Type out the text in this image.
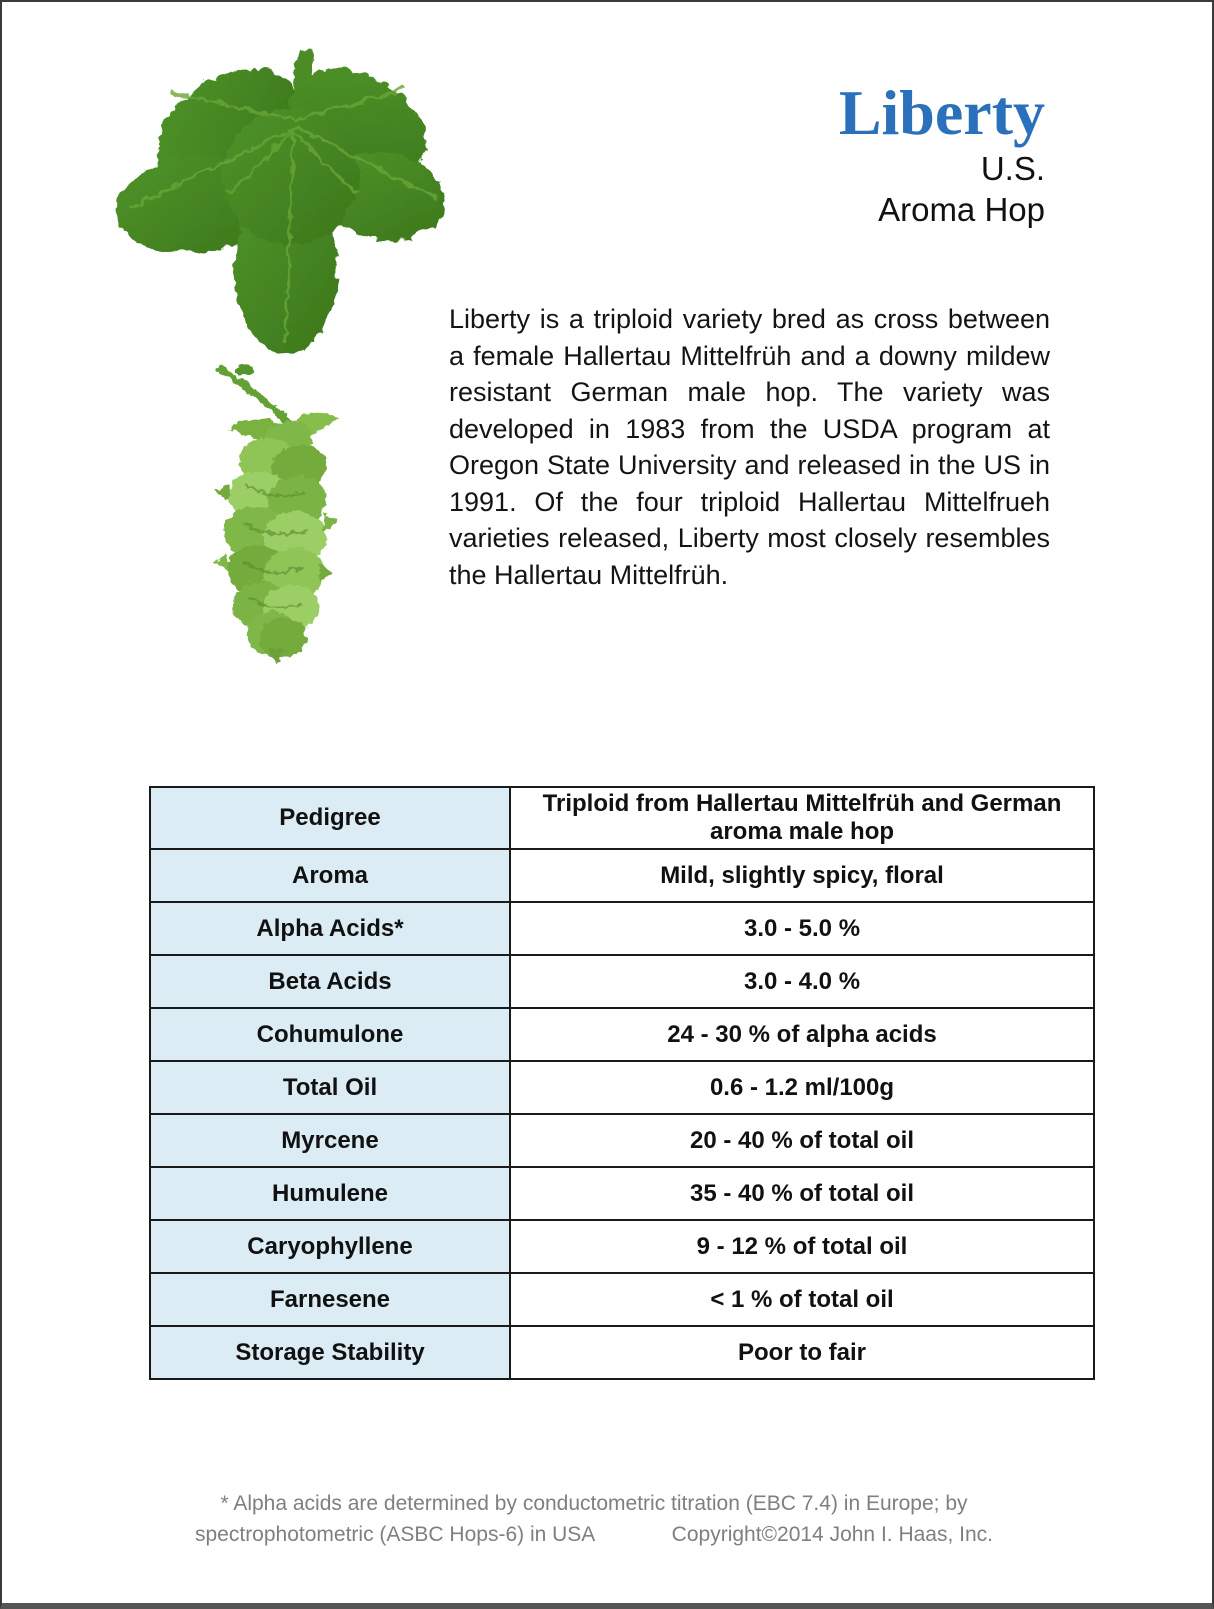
Liberty
U.S.
Aroma Hop

Liberty is a triploid variety bred as cross between a female Hallertau Mittelfrüh and a downy mildew resistant German male hop. The variety was developed in 1983 from the USDA program at Oregon State University and released in the US in 1991. Of the four triploid Hallertau Mittelfrueh varieties released, Liberty most closely resembles the Hallertau Mittelfrüh.

Pedigree	Triploid from Hallertau Mittelfrüh and German aroma male hop
Aroma	Mild, slightly spicy, floral
Alpha Acids*	3.0 - 5.0 %
Beta Acids	3.0 - 4.0 %
Cohumulone	24 - 30 % of alpha acids
Total Oil	0.6 - 1.2 ml/100g
Myrcene	20 - 40 % of total oil
Humulene	35 - 40 % of total oil
Caryophyllene	9 - 12 % of total oil
Farnesene	< 1 % of total oil
Storage Stability	Poor to fair
* Alpha acids are determined by conductometric titration (EBC 7.4) in Europe; by
spectrophotometric (ASBC Hops-6) in USA	Copyright©2014 John I. Haas, Inc.
